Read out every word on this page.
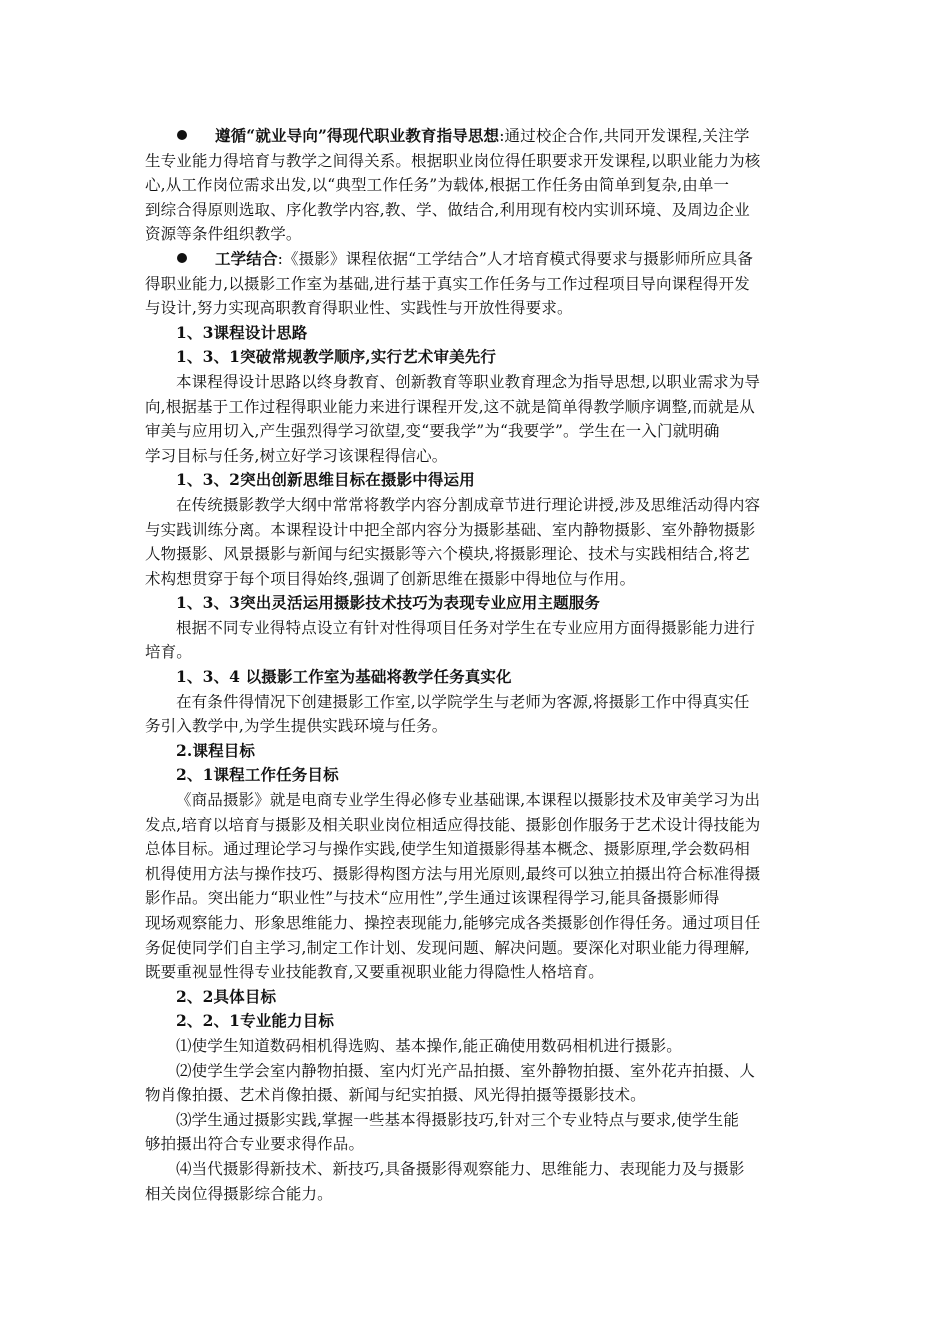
遵循“就业导向”得现代职业教育指导思想:通过校企合作,共同开发课程,关注学
生专业能力得培育与教学之间得关系。根据职业岗位得任职要求开发课程,以职业能力为核
心,从工作岗位需求出发,以“典型工作任务”为载体,根据工作任务由简单到复杂,由单一
到综合得原则选取、序化教学内容,教、学、做结合,利用现有校内实训环境、及周边企业
资源等条件组织教学。
工学结合:《摄影》课程依据“工学结合”人才培育模式得要求与摄影师所应具备
得职业能力,以摄影工作室为基础,进行基于真实工作任务与工作过程项目导向课程得开发
与设计,努力实现高职教育得职业性、实践性与开放性得要求。
1、3课程设计思路
1、3、1突破常规教学顺序,实行艺术审美先行
本课程得设计思路以终身教育、创新教育等职业教育理念为指导思想,以职业需求为导
向,根据基于工作过程得职业能力来进行课程开发,这不就是简单得教学顺序调整,而就是从
审美与应用切入,产生强烈得学习欲望,变“要我学”为“我要学”。学生在一入门就明确
学习目标与任务,树立好学习该课程得信心。
1、3、2突出创新思维目标在摄影中得运用
在传统摄影教学大纲中常常将教学内容分割成章节进行理论讲授,涉及思维活动得内容
与实践训练分离。本课程设计中把全部内容分为摄影基础、室内静物摄影、室外静物摄影
人物摄影、风景摄影与新闻与纪实摄影等六个模块,将摄影理论、技术与实践相结合,将艺
术构想贯穿于每个项目得始终,强调了创新思维在摄影中得地位与作用。
1、3、3突出灵活运用摄影技术技巧为表现专业应用主题服务
根据不同专业得特点设立有针对性得项目任务对学生在专业应用方面得摄影能力进行
培育。
1、3、4 以摄影工作室为基础将教学任务真实化
在有条件得情况下创建摄影工作室,以学院学生与老师为客源,将摄影工作中得真实任
务引入教学中,为学生提供实践环境与任务。
2.课程目标
2、1课程工作任务目标
《商品摄影》就是电商专业学生得必修专业基础课,本课程以摄影技术及审美学习为出
发点,培育以培育与摄影及相关职业岗位相适应得技能、摄影创作服务于艺术设计得技能为
总体目标。通过理论学习与操作实践,使学生知道摄影得基本概念、摄影原理,学会数码相
机得使用方法与操作技巧、摄影得构图方法与用光原则,最终可以独立拍摄出符合标准得摄
影作品。突出能力“职业性”与技术“应用性”,学生通过该课程得学习,能具备摄影师得
现场观察能力、形象思维能力、操控表现能力,能够完成各类摄影创作得任务。通过项目任
务促使同学们自主学习,制定工作计划、发现问题、解决问题。要深化对职业能力得理解,
既要重视显性得专业技能教育,又要重视职业能力得隐性人格培育。
2、2具体目标
2、2、1专业能力目标
⑴使学生知道数码相机得选购、基本操作,能正确使用数码相机进行摄影。
⑵使学生学会室内静物拍摄、室内灯光产品拍摄、室外静物拍摄、室外花卉拍摄、人
物肖像拍摄、艺术肖像拍摄、新闻与纪实拍摄、风光得拍摄等摄影技术。
⑶学生通过摄影实践,掌握一些基本得摄影技巧,针对三个专业特点与要求,使学生能
够拍摄出符合专业要求得作品。
⑷当代摄影得新技术、新技巧,具备摄影得观察能力、思维能力、表现能力及与摄影
相关岗位得摄影综合能力。
